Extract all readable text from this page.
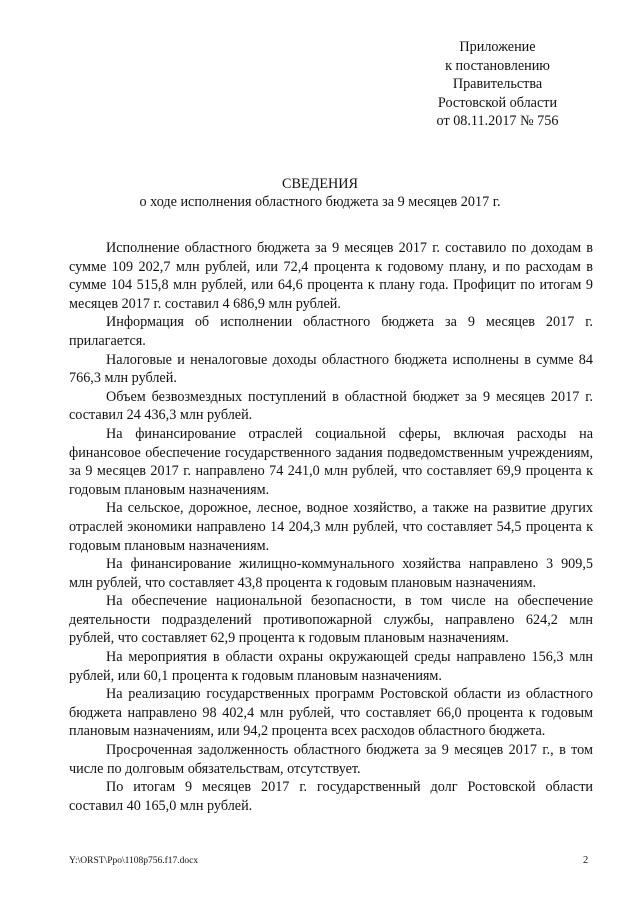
Приложение
к постановлению
Правительства
Ростовской области
от 08.11.2017 № 756
СВЕДЕНИЯ
о ходе исполнения областного бюджета за 9 месяцев 2017 г.

Исполнение областного бюджета за 9 месяцев 2017 г. составило по доходам в сумме 109 202,7 млн рублей, или 72,4 процента к годовому плану, и по расходам в сумме 104 515,8 млн рублей, или 64,6 процента к плану года. Профицит по итогам 9 месяцев 2017 г. составил 4 686,9 млн рублей.

Информация об исполнении областного бюджета за 9 месяцев 2017 г. прилагается.

Налоговые и неналоговые доходы областного бюджета исполнены в сумме 84 766,3 млн рублей.

Объем безвозмездных поступлений в областной бюджет за 9 месяцев 2017 г. составил 24 436,3 млн рублей.

На финансирование отраслей социальной сферы, включая расходы на финансовое обеспечение государственного задания подведомственным учреждениям, за 9 месяцев 2017 г. направлено 74 241,0 млн рублей, что составляет 69,9 процента к годовым плановым назначениям.

На сельское, дорожное, лесное, водное хозяйство, а также на развитие других отраслей экономики направлено 14 204,3 млн рублей, что составляет 54,5 процента к годовым плановым назначениям.

На финансирование жилищно-коммунального хозяйства направлено 3 909,5 млн рублей, что составляет 43,8 процента к годовым плановым назначениям.

На обеспечение национальной безопасности, в том числе на обеспечение деятельности подразделений противопожарной службы, направлено 624,2 млн рублей, что составляет 62,9 процента к годовым плановым назначениям.

На мероприятия в области охраны окружающей среды направлено 156,3 млн рублей, или 60,1 процента к годовым плановым назначениям.

На реализацию государственных программ Ростовской области из областного бюджета направлено 98 402,4 млн рублей, что составляет 66,0 процента к годовым плановым назначениям, или 94,2 процента всех расходов областного бюджета.

Просроченная задолженность областного бюджета за 9 месяцев 2017 г., в том числе по долговым обязательствам, отсутствует.

По итогам 9 месяцев 2017 г. государственный долг Ростовской области составил 40 165,0 млн рублей.

Y:\ORST\Ppo\1108p756.f17.docx	2
